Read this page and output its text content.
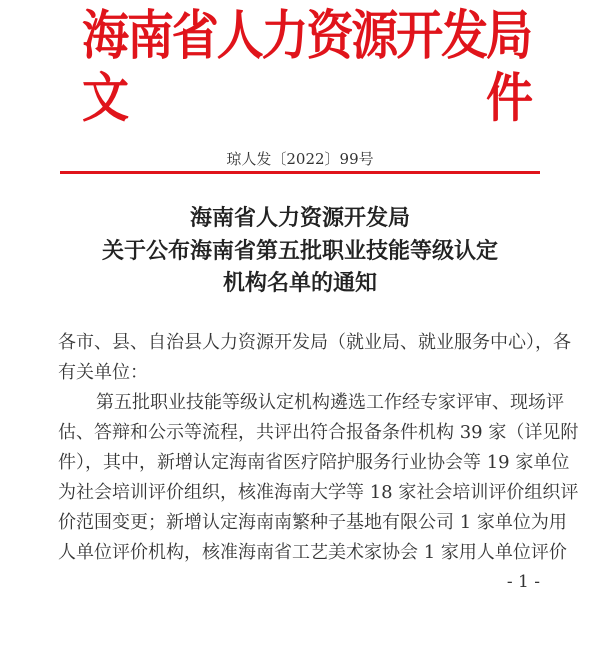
海南省人力资源开发局文件
琼人发〔2022〕99号
海南省人力资源开发局
关于公布海南省第五批职业技能等级认定
机构名单的通知
各市、县、自治县人力资源开发局（就业局、就业服务中心），各
有关单位：
第五批职业技能等级认定机构遴选工作经专家评审、现场评
估、答辩和公示等流程，共评出符合报备条件机构 39 家（详见附
件），其中，新增认定海南省医疗陪护服务行业协会等 19 家单位
为社会培训评价组织，核准海南大学等 18 家社会培训评价组织评
价范围变更；新增认定海南南繁种子基地有限公司 1 家单位为用
人单位评价机构，核准海南省工艺美术家协会 1 家用人单位评价
- 1 -
